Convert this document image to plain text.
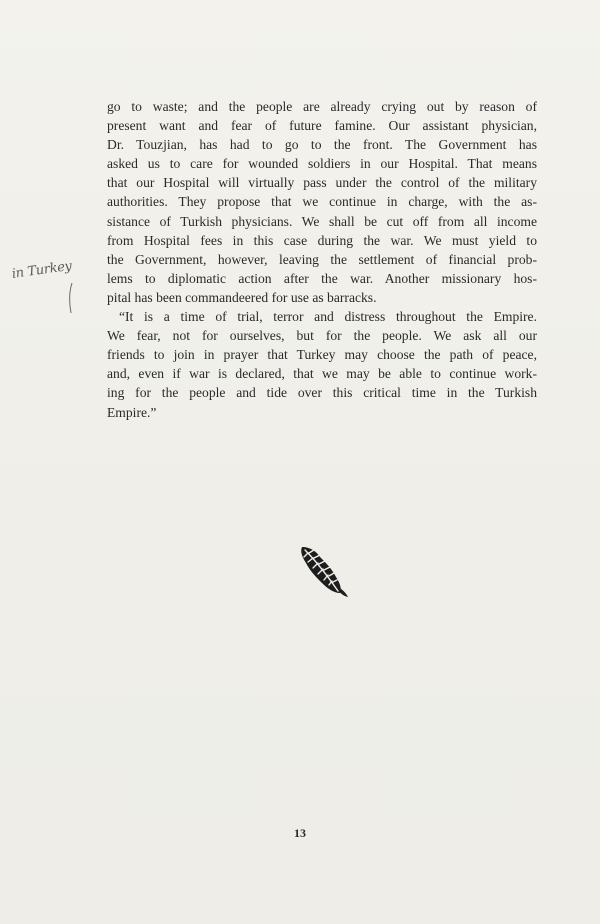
go to waste; and the people are already crying out by reason of
present want and fear of future famine. Our assistant physician,
Dr. Touzjian, has had to go to the front. The Government has
asked us to care for wounded soldiers in our Hospital. That means
that our Hospital will virtually pass under the control of the military
authorities. They propose that we continue in charge, with the as-
sistance of Turkish physicians. We shall be cut off from all income
from Hospital fees in this case during the war. We must yield to
the Government, however, leaving the settlement of financial prob-
lems to diplomatic action after the war. Another missionary hos-
pital has been commandeered for use as barracks.
“It is a time of trial, terror and distress throughout the Empire.
We fear, not for ourselves, but for the people. We ask all our
friends to join in prayer that Turkey may choose the path of peace,
and, even if war is declared, that we may be able to continue work-
ing for the people and tide over this critical time in the Turkish
Empire.”
in Turkey
13
